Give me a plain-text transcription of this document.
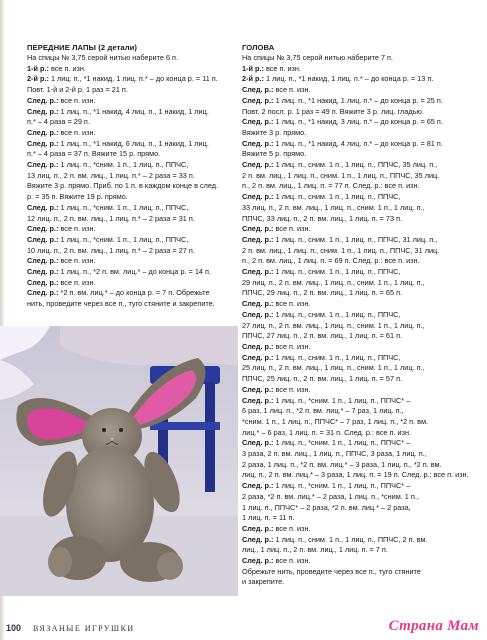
ПЕРЕДНИЕ ЛАПЫ (2 детали)
На спицы № 3,75 серой нитью наберите 6 п.
1-й р.: все п. изн.
2-й р.: 1 лиц. п., *1 накид, 1 лиц. п.* – до конца р. = 11 п.
Повт. 1-й и 2-й р. 1 раз = 21 п.
След. р.: все п. изн.
След. р.: 1 лиц. п., *1 накид, 4 лиц. п., 1 накид, 1 лиц.
п.* – 4 раза = 29 п.
След. р.: все п. изн.
След. р.: 1 лиц. п., *1 накид, 6 лиц. п., 1 накид, 1 лиц.
п.* – 4 раза = 37 п. Вяжите 15 р. прямо.
След. р.: 1 лиц. п., *сним. 1 п., 1 лиц. п., ППЧС,
13 лиц. п., 2 п. вм. лиц., 1 лиц. п.* – 2 раза = 33 п.
Вяжите 3 р. прямо. Приб. по 1 п. в каждом конце в след.
р. = 35 п. Вяжите 19 р. прямо.
След. р.: 1 лиц. п., *сним. 1 п., 1 лиц. п., ППЧС,
12 лиц. п., 2 п. вм. лиц., 1 лиц. п.* – 2 раза = 31 п.
След. р.: все п. изн.
След. р.: 1 лиц. п., *сним. 1 п., 1 лиц. п., ППЧС,
10 лиц. п., 2 п. вм. лиц., 1 лиц. п.* – 2 раза = 27 п.
След. р.: все п. изн.
След. р.: 1 лиц. п., *2 п. вм. лиц.* – до конца р. = 14 п.
След. р.: все п. изн.
След. р.: *2 п. вм. лиц.* – до конца р. = 7 п. Обрежьте
нить, проведите через все п., туго стяните и закрепите.
ГОЛОВА
На спицы № 3,75 серой нитью наберите 7 п.
1-й р.: все п. изн.
2-й р.: 1 лиц. п., *1 накид, 1 лиц. п.* – до конца р. = 13 п.
След. р.: все п. изн.
След. р.: 1 лиц. п., *1 накид, 1 лиц. п.* – до конца р. = 25 п.
Повт. 2 посл. р. 1 раз = 49 п. Вяжите 3 р. лиц. гладью.
След. р.: 1 лиц. п., *1 накид, 3 лиц. п.* – до конца р. = 65 п.
Вяжите 3 р. прямо.
След. р.: 1 лиц. п., *1 накид, 4 лиц. п.* – до конца р. = 81 п.
Вяжите 5 р. прямо.
След. р.: 1 лиц. п., сним. 1 п., 1 лиц. п., ППЧС, 35 лиц. п.,
2 п. вм. лиц., 1 лиц. п., сним. 1 п., 1 лиц. п., ППЧС, 35 лиц.
п., 2 п. вм. лиц., 1 лиц. п. = 77 п. След. р.: все п. изн.
След. р.: 1 лиц. п., сним. 1 п., 1 лиц. п., ППЧС,
33 лиц. п., 2 п. вм. лиц., 1 лиц. п., сним. 1 п., 1 лиц. п.,
ППЧС, 33 лиц. п., 2 п. вм. лиц., 1 лиц. п. = 73 п.
След. р.: все п. изн.
След. р.: 1 лиц. п., сним. 1 п., 1 лиц. п., ППЧС, 31 лиц. п.,
2 п. вм. лиц., 1 лиц. п., сним. 1 п., 1 лиц. п., ППЧС, 31 лиц.
п., 2 п. вм. лиц., 1 лиц. п. = 69 п. След. р.: все п. изн.
След. р.: 1 лиц. п., сним. 1 п., 1 лиц. п., ППЧС,
29 лиц. п., 2 п. вм. лиц., 1 лиц. п., сним. 1 п., 1 лиц. п.,
ППЧС, 29 лиц. п., 2 п. вм. лиц., 1 лиц. п. = 65 п.
След. р.: все п. изн.
След. р.: 1 лиц. п., сним. 1 п., 1 лиц. п., ППЧС,
27 лиц. п., 2 п. вм. лиц., 1 лиц. п., сним. 1 п., 1 лиц. п.,
ППЧС, 27 лиц. п., 2 п. вм. лиц., 1 лиц. п. = 61 п.
След. р.: все п. изн.
След. р.: 1 лиц. п., сним. 1 п., 1 лиц. п., ППЧС,
25 лиц. п., 2 п. вм. лиц., 1 лиц. п., сним. 1 п., 1 лиц. п.,
ППЧС, 25 лиц. п., 2 п. вм. лиц., 1 лиц. п. = 57 п.
След. р.: все п. изн.
След. р.: 1 лиц. п., *сним. 1 п., 1 лиц. п., ППЧС* –
6 раз, 1 лиц. п., *2 п. вм. лиц.* – 7 раз, 1 лиц. п.,
*сним. 1 п., 1 лиц. п., ППЧС* – 7 раз, 1 лиц. п., *2 п. вм.
лиц.* – 6 раз, 1 лиц. п. = 31 п. След. р.: все п. изн.
След. р.: 1 лиц. п., *сним. 1 п., 1 лиц. п., ППЧС* –
3 раза, 2 п. вм. лиц., 1 лиц. п., ППЧС, 3 раза, 1 лиц. п.,
2 раза, 1 лиц. п., *2 п. вм. лиц.* – 3 раза, 1 лиц. п., *2 п. вм.
лиц. п., 2 п. вм. лиц.* – 3 раза, 1 лиц. п. = 19 п. След. р.: все п. изн.
След. р.: 1 лиц. п., *сним. 1 п., 1 лиц. п., ППЧС* –
2 раза, *2 п. вм. лиц.* – 2 раза, 1 лиц. п., *сним. 1 п.,
1 лиц. п., ППЧС* – 2 раза, *2 п. вм. лиц.* – 2 раза,
1 лиц. п. = 11 п.
След. р.: все п. изн.
След. р.: 1 лиц. п., сним. 1 п., 1 лиц. п., ППЧС, 2 п. вм.
лиц., 1 лиц. п., 2 п. вм. лиц., 1 лиц. п. = 7 п.
След. р.: все п. изн.
Обрежьте нить, проведите через все п., туго стяните
и закрепите.
100 ВЯЗАНЫЕ ИГРУШКИ	Страна Мам
